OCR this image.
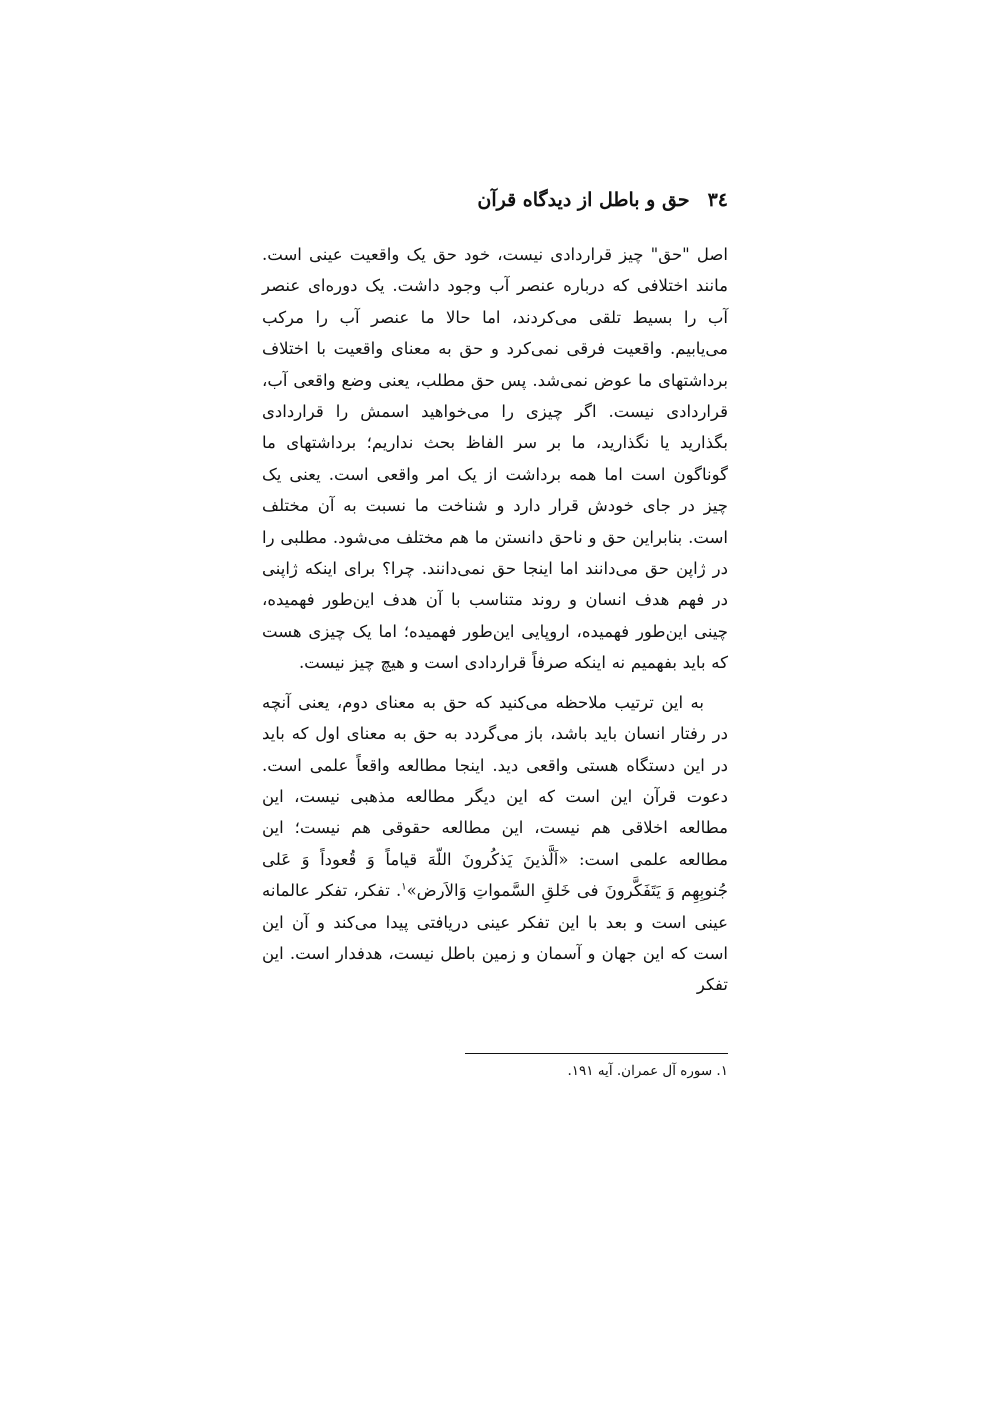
۳٤حق و باطل از دیدگاه قرآن

اصل "حق" چیز قراردادی نیست، خود حق یک واقعیت عینی است. مانند اختلافی که درباره عنصر آب وجود داشت. یک دوره‌ای عنصر آب را بسیط تلقی می‌کردند، اما حالا ما عنصر آب را مرکب می‌یابیم. واقعیت فرقی نمی‌کرد و حق به معنای واقعیت با اختلاف برداشتهای ما عوض نمی‌شد. پس حق مطلب، یعنی وضع واقعی آب، قراردادی نیست. اگر چیزی را می‌خواهید اسمش را قراردادی بگذارید یا نگذارید، ما بر سر الفاظ بحث نداریم؛ برداشتهای ما گوناگون است اما همه برداشت از یک امر واقعی است. یعنی یک چیز در جای خودش قرار دارد و شناخت ما نسبت به آن مختلف است. بنابراین حق و ناحق دانستن ما هم مختلف می‌شود. مطلبی را در ژاپن حق می‌دانند اما اینجا حق نمی‌دانند. چرا؟ برای اینکه ژاپنی در فهم هدف انسان و روند متناسب با آن هدف این‌طور فهمیده، چینی این‌طور فهمیده، اروپایی این‌طور فهمیده؛ اما یک چیزی هست که باید بفهمیم نه اینکه صرفاً قراردادی است و هیچ چیز نیست.

به این ترتیب ملاحظه می‌کنید که حق به معنای دوم، یعنی آنچه در رفتار انسان باید باشد، باز می‌گردد به حق به معنای اول که باید در این دستگاه هستی واقعی دید. اینجا مطالعه واقعاً علمی است. دعوت قرآن این است که این دیگر مطالعه مذهبی نیست، این مطالعه اخلاقی هم نیست، این مطالعه حقوقی هم نیست؛ این مطالعه علمی است: «اَلَّذینَ یَذکُرونَ اللّهَ قیاماً وَ قُعوداً وَ عَلی جُنوبِهِم وَ یَتَفَکَّرونَ فی خَلقِ السَّمواتِ وَالاَرض»$^۱$. تفکر، تفکر عالمانه عینی است و بعد با این تفکر عینی دریافتی پیدا می‌کند و آن این است که این جهان و آسمان و زمین باطل نیست، هدفدار است. این تفکر

۱. سوره آل عمران. آیه ۱۹۱.
